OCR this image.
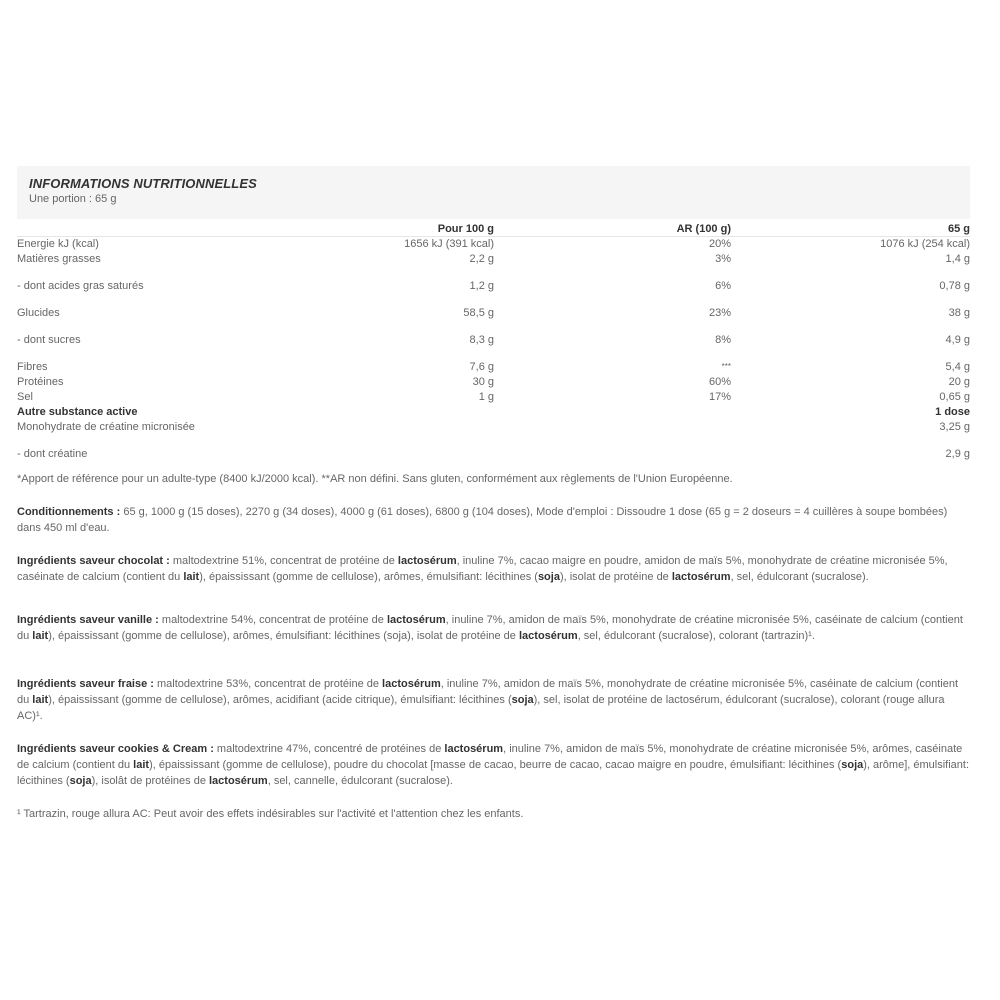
INFORMATIONS NUTRITIONNELLES
Une portion : 65 g
	Pour 100 g	AR (100 g)	65 g
Energie kJ (kcal)	1656 kJ (391 kcal)	20%	1076 kJ (254 kcal)
Matières grasses	2,2 g	3%	1,4 g
- dont acides gras saturés	1,2 g	6%	0,78 g
Glucides	58,5 g	23%	38 g
- dont sucres	8,3 g	8%	4,9 g
Fibres	7,6 g	***	5,4 g
Protéines	30 g	60%	20 g
Sel	1 g	17%	0,65 g
Autre substance active			1 dose
Monohydrate de créatine micronisée			3,25 g
- dont créatine			2,9 g

*Apport de référence pour un adulte-type (8400 kJ/2000 kcal). **AR non défini. Sans gluten, conformément aux règlements de l'Union Européenne.

Conditionnements : 65 g, 1000 g (15 doses), 2270 g (34 doses), 4000 g (61 doses), 6800 g (104 doses), Mode d'emploi : Dissoudre 1 dose (65 g = 2 doseurs = 4 cuillères à soupe bombées) dans 450 ml d'eau.

Ingrédients saveur chocolat : maltodextrine 51%, concentrat de protéine de lactosérum, inuline 7%, cacao maigre en poudre, amidon de maïs 5%, monohydrate de créatine micronisée 5%, caséinate de calcium (contient du lait), épaississant (gomme de cellulose), arômes, émulsifiant: lécithines (soja), isolat de protéine de lactosérum, sel, édulcorant (sucralose).

Ingrédients saveur vanille : maltodextrine 54%, concentrat de protéine de lactosérum, inuline 7%, amidon de maïs 5%, monohydrate de créatine micronisée 5%, caséinate de calcium (contient du lait), épaississant (gomme de cellulose), arômes, émulsifiant: lécithines (soja), isolat de protéine de lactosérum, sel, édulcorant (sucralose), colorant (tartrazin)¹.

Ingrédients saveur fraise : maltodextrine 53%, concentrat de protéine de lactosérum, inuline 7%, amidon de maïs 5%, monohydrate de créatine micronisée 5%, caséinate de calcium (contient du lait), épaississant (gomme de cellulose), arômes, acidifiant (acide citrique), émulsifiant: lécithines (soja), sel, isolat de protéine de lactosérum, édulcorant (sucralose), colorant (rouge allura AC)¹.

Ingrédients saveur cookies & Cream : maltodextrine 47%, concentré de protéines de lactosérum, inuline 7%, amidon de maïs 5%, monohydrate de créatine micronisée 5%, arômes, caséinate de calcium (contient du lait), épaississant (gomme de cellulose), poudre du chocolat [masse de cacao, beurre de cacao, cacao maigre en poudre, émulsifiant: lécithines (soja), arôme], émulsifiant: lécithines (soja), isolât de protéines de lactosérum, sel, cannelle, édulcorant (sucralose).

¹ Tartrazin, rouge allura AC: Peut avoir des effets indésirables sur l'activité et l'attention chez les enfants.
